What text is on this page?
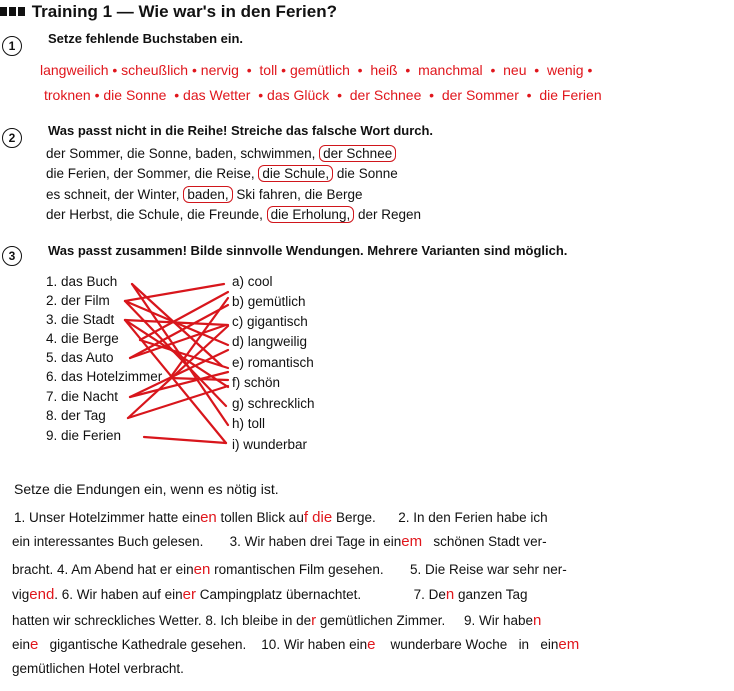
Training 1 — Wie war's in den Ferien?
1	Setze fehlende Buchstaben ein.
langweilich • scheußlich • nervig  •  toll • gemütlich  •  heiß  •  manchmal  •  neu  •  wenig •
troknen • die Sonne  • das Wetter  • das Glück  •  der Schnee  •  der Sommer  •  die Ferien
2	Was passt nicht in die Reihe! Streiche das falsche Wort durch.
der Sommer, die Sonne, baden, schwimmen, der Schnee
die Ferien, der Sommer, die Reise, die Schule, die Sonne
es schneit, der Winter, baden, Ski fahren, die Berge
der Herbst, die Schule, die Freunde, die Erholung, der Regen
3	Was passt zusammen! Bilde sinnvolle Wendungen. Mehrere Varianten sind möglich.
1. das Buch
2. der Film
3. die Stadt
4. die Berge
5. das Auto
6. das Hotelzimmer
7. die Nacht
8. der Tag
9. die Ferien
a) cool
b) gemütlich
c) gigantisch
d) langweilig
e) romantisch
f) schön
g) schrecklich
h) toll
i) wunderbar
Setze die Endungen ein, wenn es nötig ist.
1. Unser Hotelzimmer hatte einen tollen Blick auf die Berge. 2. In den Ferien habe ich
ein interessantes Buch gelesen. 3. Wir haben drei Tage in einem schönen Stadt ver-
bracht. 4. Am Abend hat er einen romantischen Film gesehen. 5. Die Reise war sehr ner-
vigend. 6. Wir haben auf einer Campingplatz übernachtet.	7. Den ganzen Tag
hatten wir schreckliches Wetter. 8. Ich bleibe in der gemütlichen Zimmer. 9. Wir haben
eine gigantische Kathedrale gesehen. 10. Wir haben eine wunderbare Woche in einem
gemütlichen Hotel verbracht.
